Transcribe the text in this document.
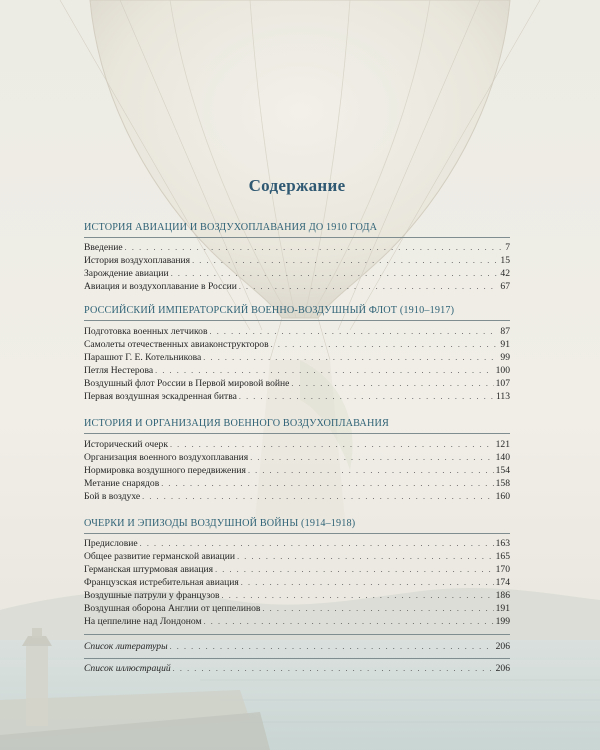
Содержание
ИСТОРИЯ АВИАЦИИ И ВОЗДУХОПЛАВАНИЯ ДО 1910 ГОДА
Введение . . .	7
История воздухоплавания . . .	15
Зарождение авиации . . .	42
Авиация и воздухоплавание в России . . .	67
РОССИЙСКИЙ ИМПЕРАТОРСКИЙ ВОЕННО-ВОЗДУШНЫЙ ФЛОТ (1910–1917)
Подготовка военных летчиков . . .	87
Самолеты отечественных авиаконструкторов . . .	91
Парашют Г. Е. Котельникова . . .	99
Петля Нестерова . . .	100
Воздушный флот России в Первой мировой войне . . .	107
Первая воздушная эскадренная битва . . .	113
ИСТОРИЯ И ОРГАНИЗАЦИЯ ВОЕННОГО ВОЗДУХОПЛАВАНИЯ
Исторический очерк . . .	121
Организация военного воздухоплавания . . .	140
Нормировка воздушного передвижения . . .	154
Метание снарядов . . .	158
Бой в воздухе . . .	160
ОЧЕРКИ И ЭПИЗОДЫ ВОЗДУШНОЙ ВОЙНЫ (1914–1918)
Предисловие . . .	163
Общее развитие германской авиации . . .	165
Германская штурмовая авиация . . .	170
Французская истребительная авиация . . .	174
Воздушные патрули у французов . . .	186
Воздушная оборона Англии от цеппелинов . . .	191
На цеппелине над Лондоном . . .	199
Список литературы . . .	206
Список иллюстраций . . .	206
